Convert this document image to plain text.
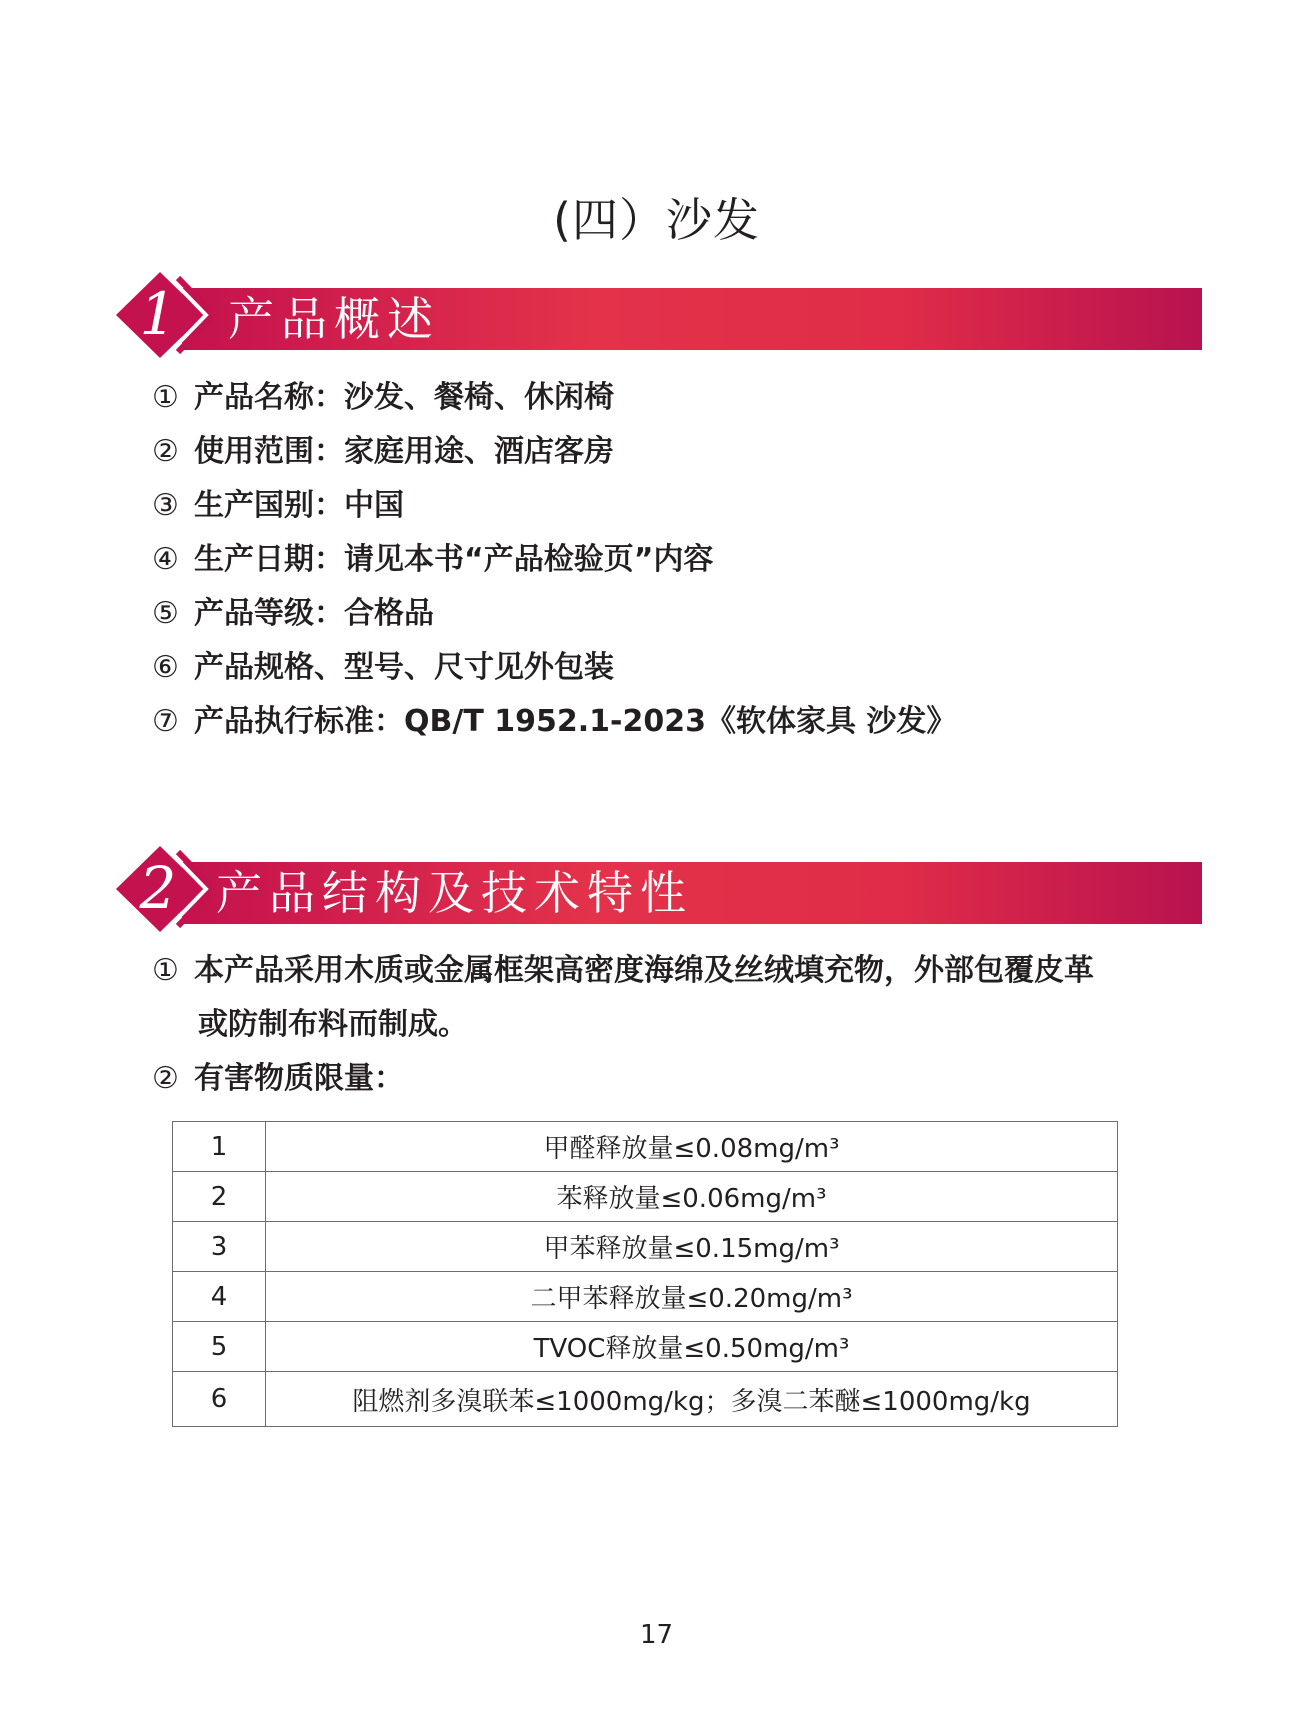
(四）沙发
1 产品概述
① 产品名称：沙发、餐椅、休闲椅
② 使用范围：家庭用途、酒店客房
③ 生产国别：中国
④ 生产日期：请见本书“产品检验页”内容
⑤ 产品等级：合格品
⑥ 产品规格、型号、尺寸见外包装
⑦ 产品执行标准：QB/T 1952.1-2023《软体家具 沙发》
2 产品结构及技术特性
① 本产品采用木质或金属框架高密度海绵及丝绒填充物，外部包覆皮革
或防制布料而制成。
② 有害物质限量：
1	甲醛释放量≤0.08mg/m³
2	苯释放量≤0.06mg/m³
3	甲苯释放量≤0.15mg/m³
4	二甲苯释放量≤0.20mg/m³
5	TVOC释放量≤0.50mg/m³
6	阻燃剂多溴联苯≤1000mg/kg；多溴二苯醚≤1000mg/kg
17
